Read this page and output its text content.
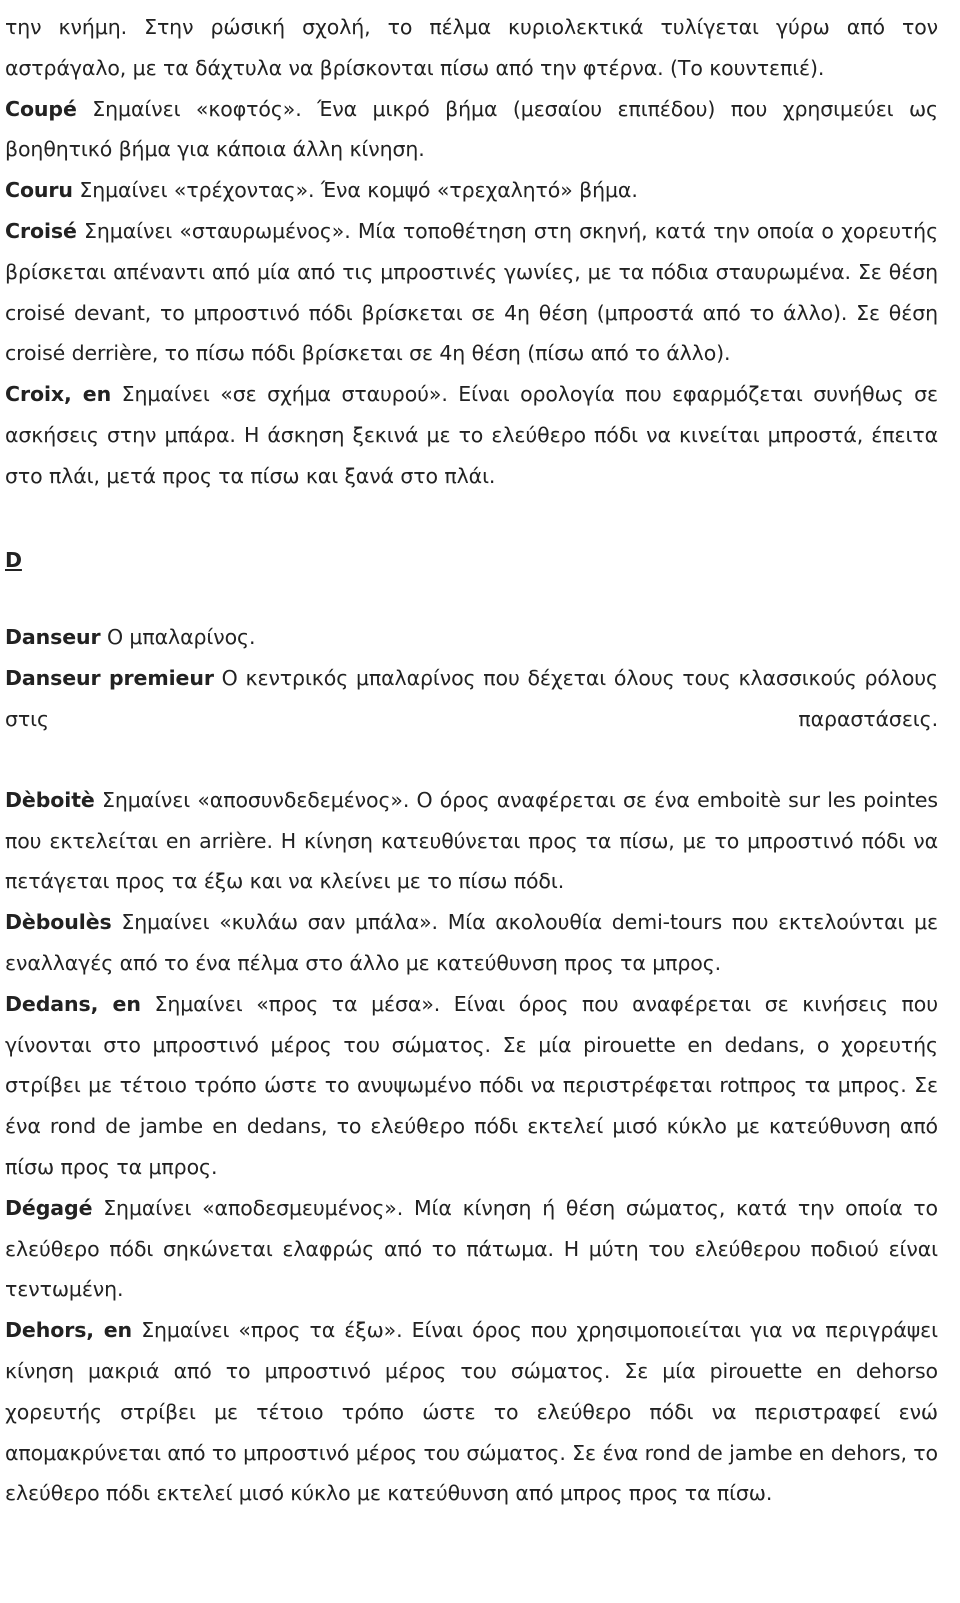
την κνήμη. Στην ρώσική σχολή, το πέλμα κυριολεκτικά τυλίγεται γύρω από τον αστράγαλο, με τα δάχτυλα να βρίσκονται πίσω από την φτέρνα. (Το κουντεπιέ).

Coupé Σημαίνει «κοφτός». Ένα μικρό βήμα (μεσαίου επιπέδου) που χρησιμεύει ως βοηθητικό βήμα για κάποια άλλη κίνηση.

Couru Σημαίνει «τρέχοντας». Ένα κομψό «τρεχαλητό» βήμα.

Croisé Σημαίνει «σταυρωμένος». Μία τοποθέτηση στη σκηνή, κατά την οποία ο χορευτής βρίσκεται απέναντι από μία από τις μπροστινές γωνίες, με τα πόδια σταυρωμένα. Σε θέση croisé devant, το μπροστινό πόδι βρίσκεται σε 4η θέση (μπροστά από το άλλο). Σε θέση croisé derrière, το πίσω πόδι βρίσκεται σε 4η θέση (πίσω από το άλλο).

Croix, en Σημαίνει «σε σχήμα σταυρού». Είναι ορολογία που εφαρμόζεται συνήθως σε ασκήσεις στην μπάρα. Η άσκηση ξεκινά με το ελεύθερο πόδι να κινείται μπροστά, έπειτα στο πλάι, μετά προς τα πίσω και ξανά στο πλάι.

D

Danseur Ο μπαλαρίνος.

Danseur premieur Ο κεντρικός μπαλαρίνος που δέχεται όλους τους κλασσικούς ρόλους στις παραστάσεις.

Dèboitè Σημαίνει «αποσυνδεδεμένος». Ο όρος αναφέρεται σε ένα emboitè sur les pointes που εκτελείται en arrière. Η κίνηση κατευθύνεται προς τα πίσω, με το μπροστινό πόδι να πετάγεται προς τα έξω και να κλείνει με το πίσω πόδι.

Dèboulès Σημαίνει «κυλάω σαν μπάλα». Μία ακολουθία demi-tours που εκτελούνται με εναλλαγές από το ένα πέλμα στο άλλο με κατεύθυνση προς τα μπρος.

Dedans, en Σημαίνει «προς τα μέσα». Είναι όρος που αναφέρεται σε κινήσεις που γίνονται στο μπροστινό μέρος του σώματος. Σε μία pirouette en dedans, ο χορευτής στρίβει με τέτοιο τρόπο ώστε το ανυψωμένο πόδι να περιστρέφεται rotπρος τα μπρος. Σε ένα rond de jambe en dedans, το ελεύθερο πόδι εκτελεί μισό κύκλο με κατεύθυνση από πίσω προς τα μπρος.

Dégagé Σημαίνει «αποδεσμευμένος». Μία κίνηση ή θέση σώματος, κατά την οποία το ελεύθερο πόδι σηκώνεται ελαφρώς από το πάτωμα. Η μύτη του ελεύθερου ποδιού είναι τεντωμένη.

Dehors, en Σημαίνει «προς τα έξω». Είναι όρος που χρησιμοποιείται για να περιγράψει κίνηση μακριά από το μπροστινό μέρος του σώματος. Σε μία pirouette en dehorso χορευτής στρίβει με τέτοιο τρόπο ώστε το ελεύθερο πόδι να περιστραφεί ενώ απομακρύνεται από το μπροστινό μέρος του σώματος. Σε ένα rond de jambe en dehors, το ελεύθερο πόδι εκτελεί μισό κύκλο με κατεύθυνση από μπρος προς τα πίσω.
